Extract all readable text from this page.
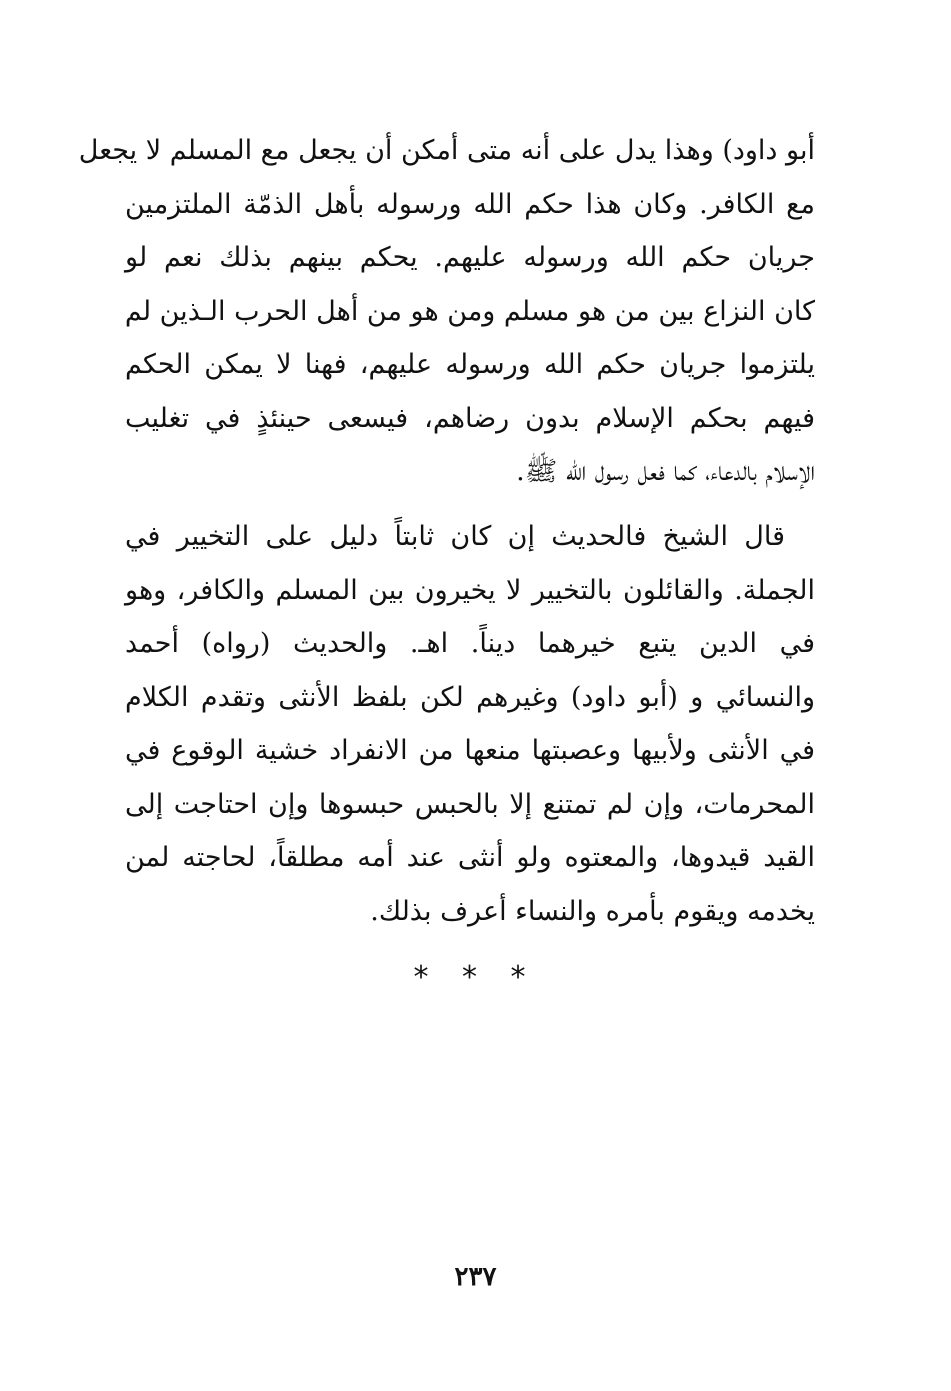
أبو داود) وهذا يدل على أنه متى أمكن أن يجعل مع المسلم لا يجعل
مع الكافر. وكان هذا حكم الله ورسوله بأهل الذمّة الملتزمين
جريان حكم الله ورسوله عليهم. يحكم بينهم بذلك نعم لو
كان النزاع بين من هو مسلم ومن هو من أهل الحرب الـذين لم
يلتزموا جريان حكم الله ورسوله عليهم، فهنا لا يمكن الحكم
فيهم بحكم الإسلام بدون رضاهم، فيسعى حينئذٍ في تغليب
الإسلام بالدعاء، كما فعل رسول الله ﷺ.
قال الشيخ فالحديث إن كان ثابتاً دليل على التخيير في
الجملة. والقائلون بالتخيير لا يخيرون بين المسلم والكافر، وهو
في الدين يتبع خيرهما ديناً. اهـ. والحديث (رواه) أحمد
والنسائي و (أبو داود) وغيرهم لكن بلفظ الأنثى وتقدم الكلام
في الأنثى ولأبيها وعصبتها منعها من الانفراد خشية الوقوع في
المحرمات، وإن لم تمتنع إلا بالحبس حبسوها وإن احتاجت إلى
القيد قيدوها، والمعتوه ولو أنثى عند أمه مطلقاً، لحاجته لمن
يخدمه ويقوم بأمره والنساء أعرف بذلك.
* * *
٢٣٧
